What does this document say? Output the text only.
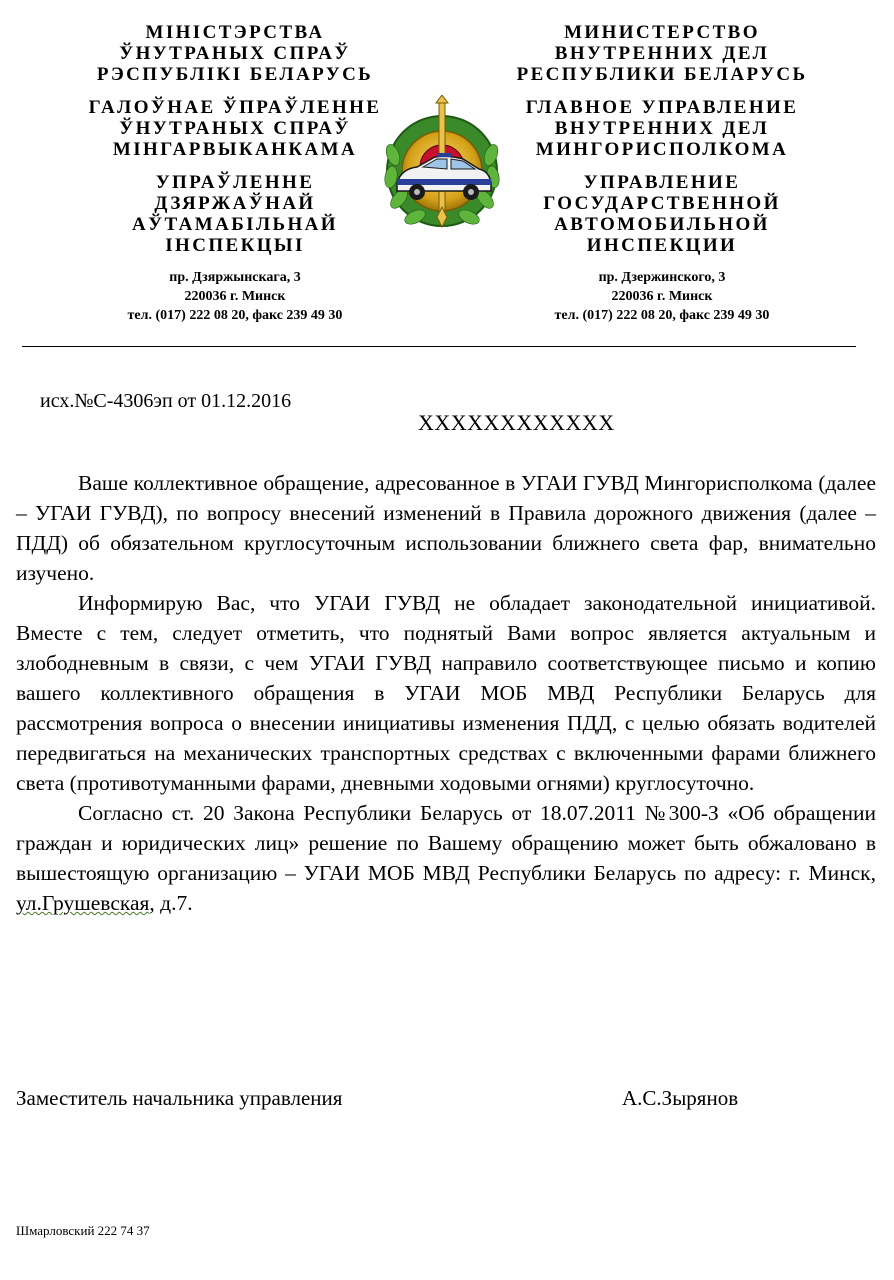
МІНІСТЭРСТВА
ЎНУТРАНЫХ СПРАЎ
РЭСПУБЛІКІ БЕЛАРУСЬ
ГАЛОЎНАЕ ЎПРАЎЛЕННЕ
ЎНУТРАНЫХ СПРАЎ
МІНГАРВЫКАНКАМА
УПРАЎЛЕННЕ
ДЗЯРЖАЎНАЙ
АЎТАМАБІЛЬНАЙ
ІНСПЕКЦЫІ
пр. Дзяржынскага, 3
220036 г. Минск
тел. (017) 222 08 20, факс 239 49 30
МИНИСТЕРСТВО
ВНУТРЕННИХ ДЕЛ
РЕСПУБЛИКИ БЕЛАРУСЬ
ГЛАВНОЕ УПРАВЛЕНИЕ
ВНУТРЕННИХ ДЕЛ
МИНГОРИСПОЛКОМА
УПРАВЛЕНИЕ
ГОСУДАРСТВЕННОЙ
АВТОМОБИЛЬНОЙ
ИНСПЕКЦИИ
пр. Дзержинского, 3
220036 г. Минск
тел. (017) 222 08 20, факс 239 49 30
исх.№С-4306эп от 01.12.2016
XXXXXXXXXXXX

Ваше коллективное обращение, адресованное в УГАИ ГУВД Мингорисполкома (далее – УГАИ ГУВД), по вопросу внесений изменений в Правила дорожного движения (далее – ПДД) об обязательном круглосуточным использовании ближнего света фар, внимательно изучено.

Информирую Вас, что УГАИ ГУВД не обладает законодательной инициативой. Вместе с тем, следует отметить, что поднятый Вами вопрос является актуальным и злободневным в связи, с чем УГАИ ГУВД направило соответствующее письмо и копию вашего коллективного обращения в УГАИ МОБ МВД Республики Беларусь для рассмотрения вопроса о внесении инициативы изменения ПДД, с целью обязать водителей передвигаться на механических транспортных средствах с включенными фарами ближнего света (противотуманными фарами, дневными ходовыми огнями) круглосуточно.

Согласно ст. 20 Закона Республики Беларусь от 18.07.2011 №300-З «Об обращении граждан и юридических лиц» решение по Вашему обращению может быть обжаловано в вышестоящую организацию – УГАИ МОБ МВД Республики Беларусь по адресу: г. Минск, ул.Грушевская, д.7.

Заместитель начальника управления	А.С.Зырянов
Шмарловский 222 74 37
